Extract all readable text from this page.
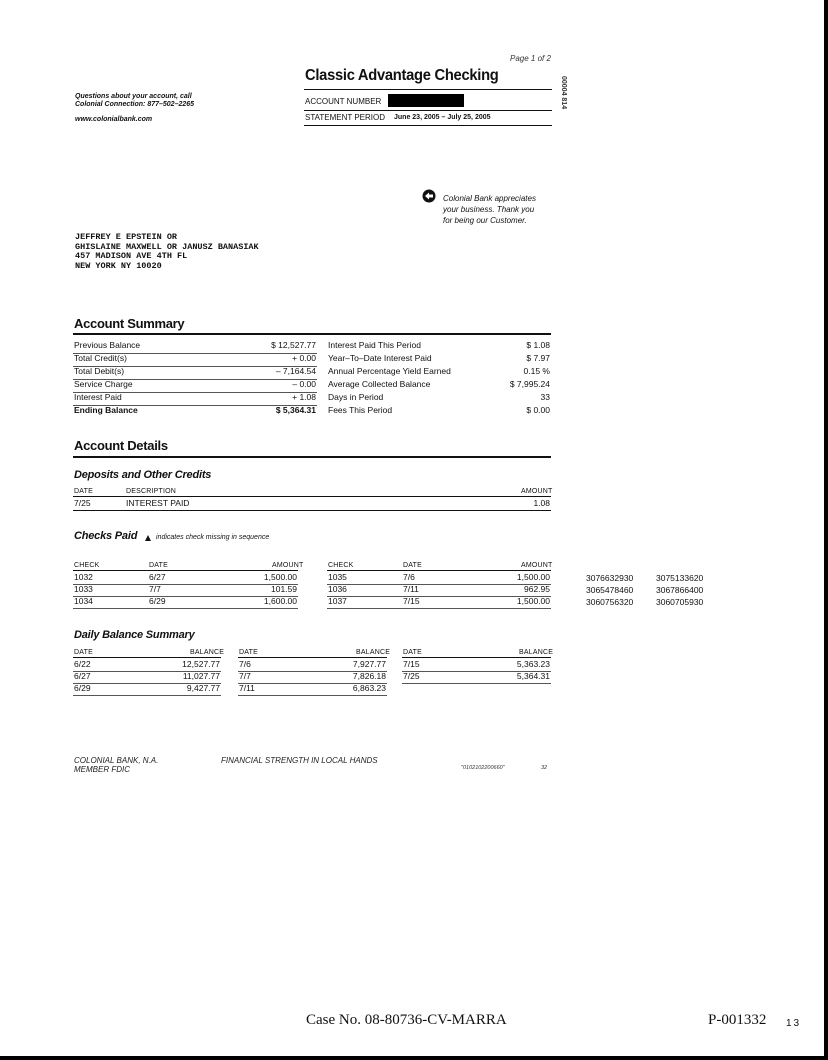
Page 1 of 2
Classic Advantage Checking
00004 814
ACCOUNT NUMBER
STATEMENT PERIOD June 23, 2005 – July 25, 2005
Questions about your account, call
Colonial Connection: 877–502–2265
www.colonialbank.com
Colonial Bank appreciates
your business. Thank you
for being our Customer.
JEFFREY E EPSTEIN OR
GHISLAINE MAXWELL OR JANUSZ BANASIAK
457 MADISON AVE 4TH FL
NEW YORK NY 10020
Account Summary
Previous Balance	$ 12,527.77
Total Credit(s)	+ 0.00
Total Debit(s)	– 7,164.54
Service Charge	– 0.00
Interest Paid	+ 1.08
Ending Balance	$ 5,364.31
Interest Paid This Period	$ 1.08
Year–To–Date Interest Paid	$ 7.97
Annual Percentage Yield Earned	0.15 %
Average Collected Balance	$ 7,995.24
Days in Period	33
Fees This Period	$ 0.00
Account Details
Deposits and Other Credits
DATE	DESCRIPTION	AMOUNT
7/25	INTEREST PAID	1.08
Checks Paid	indicates check missing in sequence
CHECK	DATE	AMOUNT
1032	6/27	1,500.00
1033	7/7	101.59
1034	6/29	1,600.00
CHECK	DATE	AMOUNT
1035	7/6	1,500.00
1036	7/11	962.95
1037	7/15	1,500.00
3076632930	3075133620
3065478460	3067866400
3060756320	3060705930
Daily Balance Summary
DATE	BALANCE
6/22	12,527.77
6/27	11,027.77
6/29	9,427.77
DATE	BALANCE
7/6	7,927.77
7/7	7,826.18
7/11	6,863.23
DATE	BALANCE
7/15	5,363.23
7/25	5,364.31
COLONIAL BANK, N.A.
MEMBER FDIC
FINANCIAL STRENGTH IN LOCAL HANDS
"0102102200660"	32
Case No. 08-80736-CV-MARRA	P-001332 13
